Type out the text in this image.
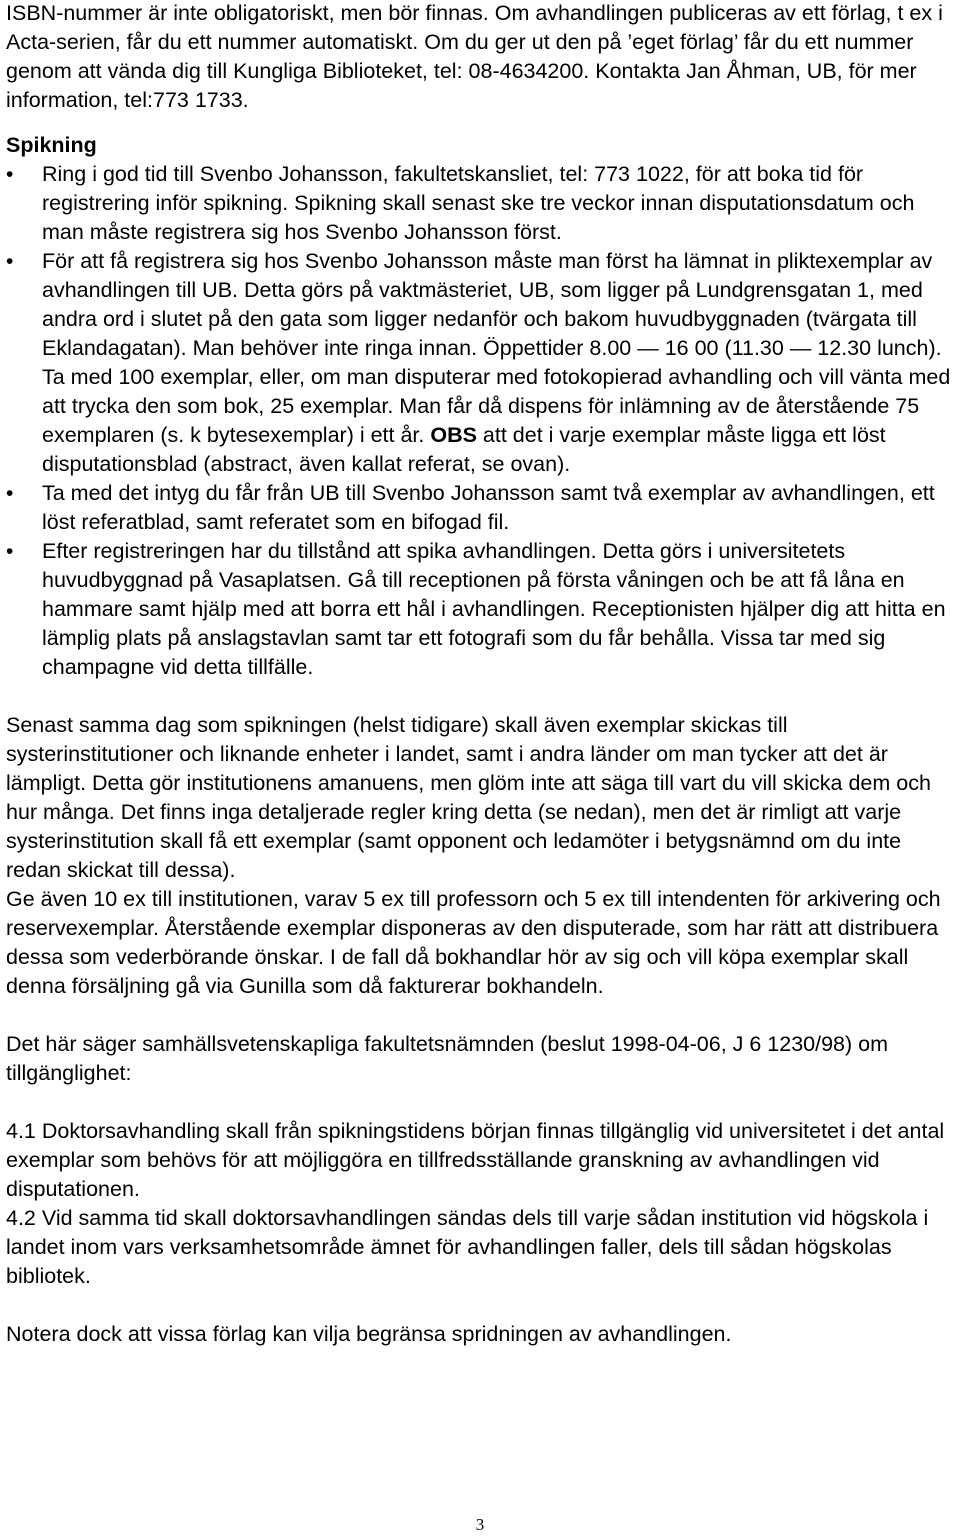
ISBN-nummer är inte obligatoriskt, men bör finnas. Om avhandlingen publiceras av ett förlag, t ex i Acta-serien, får du ett nummer automatiskt. Om du ger ut den på ’eget förlag’ får du ett nummer genom att vända dig till Kungliga Biblioteket, tel: 08-4634200. Kontakta Jan Åhman, UB, för mer information, tel:773 1733.

Spikning
• Ring i god tid till Svenbo Johansson, fakultetskansliet, tel: 773 1022, för att boka tid för registrering inför spikning. Spikning skall senast ske tre veckor innan disputationsdatum och man måste registrera sig hos Svenbo Johansson först.
• För att få registrera sig hos Svenbo Johansson måste man först ha lämnat in pliktexemplar av avhandlingen till UB. Detta görs på vaktmästeriet, UB, som ligger på Lundgrensgatan 1, med andra ord i slutet på den gata som ligger nedanför och bakom huvudbyggnaden (tvärgata till Eklandagatan). Man behöver inte ringa innan. Öppettider 8.00 — 16 00 (11.30 — 12.30 lunch). Ta med 100 exemplar, eller, om man disputerar med fotokopierad avhandling och vill vänta med att trycka den som bok, 25 exemplar. Man får då dispens för inlämning av de återstående 75 exemplaren (s. k bytesexemplar) i ett år. OBS att det i varje exemplar måste ligga ett löst disputationsblad (abstract, även kallat referat, se ovan).
• Ta med det intyg du får från UB till Svenbo Johansson samt två exemplar av avhandlingen, ett löst referatblad, samt referatet som en bifogad fil.
• Efter registreringen har du tillstånd att spika avhandlingen. Detta görs i universitetets huvudbyggnad på Vasaplatsen. Gå till receptionen på första våningen och be att få låna en hammare samt hjälp med att borra ett hål i avhandlingen. Receptionisten hjälper dig att hitta en lämplig plats på anslagstavlan samt tar ett fotografi som du får behålla. Vissa tar med sig champagne vid detta tillfälle.

Senast samma dag som spikningen (helst tidigare) skall även exemplar skickas till systerinstitutioner och liknande enheter i landet, samt i andra länder om man tycker att det är lämpligt. Detta gör institutionens amanuens, men glöm inte att säga till vart du vill skicka dem och hur många. Det finns inga detaljerade regler kring detta (se nedan), men det är rimligt att varje systerinstitution skall få ett exemplar (samt opponent och ledamöter i betygsnämnd om du inte redan skickat till dessa).

Ge även 10 ex till institutionen, varav 5 ex till professorn och 5 ex till intendenten för arkivering och reservexemplar. Återstående exemplar disponeras av den disputerade, som har rätt att distribuera dessa som vederbörande önskar. I de fall då bokhandlar hör av sig och vill köpa exemplar skall denna försäljning gå via Gunilla som då fakturerar bokhandeln.

Det här säger samhällsvetenskapliga fakultetsnämnden (beslut 1998-04-06, J 6 1230/98) om tillgänglighet:

4.1 Doktorsavhandling skall från spikningstidens början finnas tillgänglig vid universitetet i det antal exemplar som behövs för att möjliggöra en tillfredsställande granskning av avhandlingen vid disputationen.

4.2 Vid samma tid skall doktorsavhandlingen sändas dels till varje sådan institution vid högskola i landet inom vars verksamhetsområde ämnet för avhandlingen faller, dels till sådan högskolas bibliotek.

Notera dock att vissa förlag kan vilja begränsa spridningen av avhandlingen.

3
